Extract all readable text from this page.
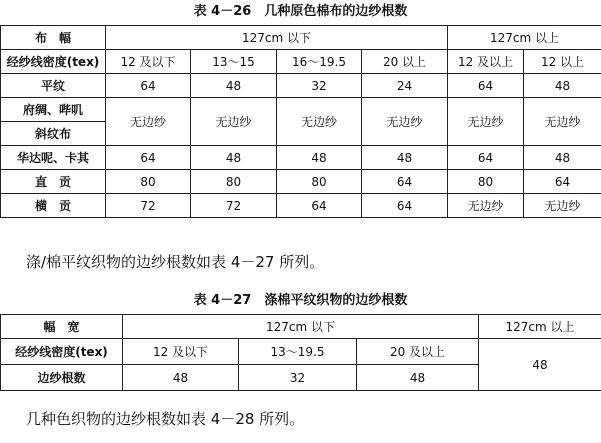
表 4－26　几种原色棉布的边纱根数
布　幅	127cm 以下				127cm 以上	
经纱线密度(tex)	12 及以下	13～15	16～19.5	20 以上	12 及以上	12 以上
平纹	64	48	32	24	64	48
府绸、哔叽	无边纱	无边纱	无边纱	无边纱	无边纱	无边纱
斜纹布						
华达呢、卡其	64	48	48	48	64	48
直　贡	80	80	80	64	80	64
横　贡	72	72	64	64	无边纱	无边纱
涤/棉平纹织物的边纱根数如表 4－27 所列。
表 4－27　涤棉平纹织物的边纱根数
幅　宽	127cm 以下			127cm 以上
经纱线密度(tex)	12 及以下	13～19.5	20 及以上	48
边纱根数	48	32	48	
几种色织物的边纱根数如表 4－28 所列。
